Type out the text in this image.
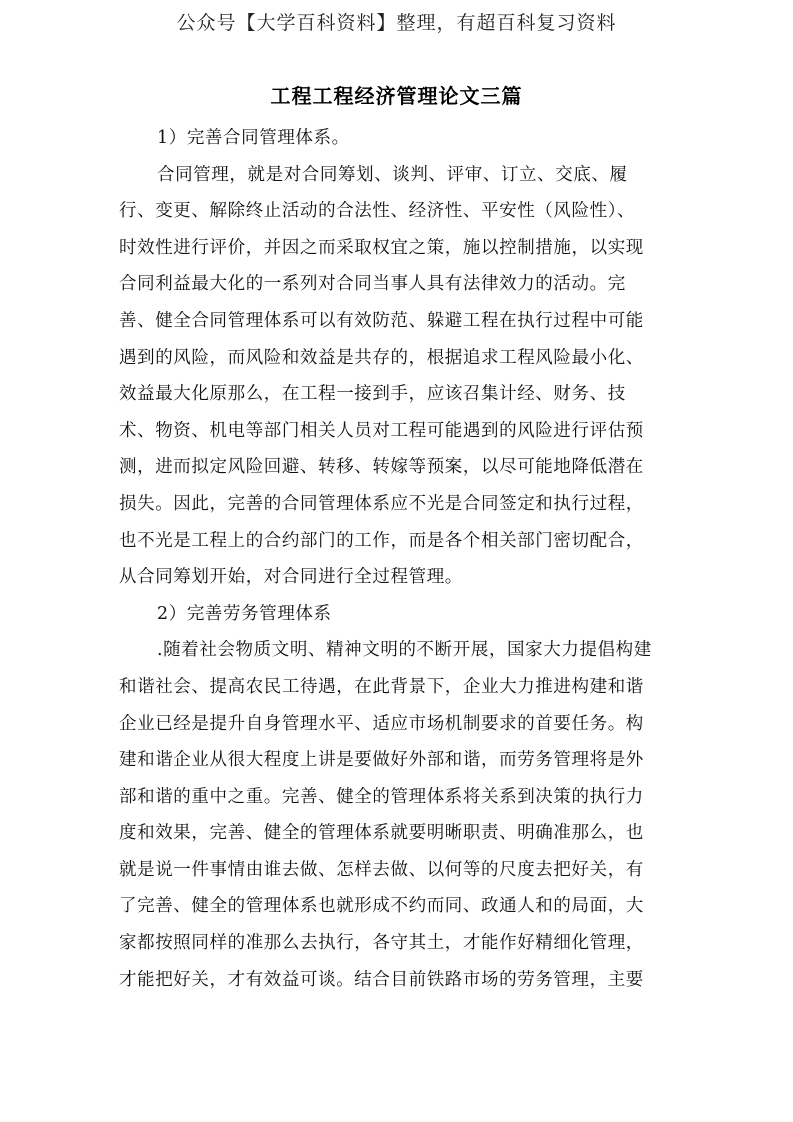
公众号【大学百科资料】整理，有超百科复习资料
工程工程经济管理论文三篇
1）完善合同管理体系。
合同管理，就是对合同筹划、谈判、评审、订立、交底、履
行、变更、解除终止活动的合法性、经济性、平安性（风险性）、
时效性进行评价，并因之而采取权宜之策，施以控制措施，以实现
合同利益最大化的一系列对合同当事人具有法律效力的活动。完
善、健全合同管理体系可以有效防范、躲避工程在执行过程中可能
遇到的风险，而风险和效益是共存的，根据追求工程风险最小化、
效益最大化原那么，在工程一接到手，应该召集计经、财务、技
术、物资、机电等部门相关人员对工程可能遇到的风险进行评估预
测，进而拟定风险回避、转移、转嫁等预案，以尽可能地降低潜在
损失。因此，完善的合同管理体系应不光是合同签定和执行过程，
也不光是工程上的合约部门的工作，而是各个相关部门密切配合，
从合同筹划开始，对合同进行全过程管理。
2）完善劳务管理体系
.随着社会物质文明、精神文明的不断开展，国家大力提倡构建
和谐社会、提高农民工待遇，在此背景下，企业大力推进构建和谐
企业已经是提升自身管理水平、适应市场机制要求的首要任务。构
建和谐企业从很大程度上讲是要做好外部和谐，而劳务管理将是外
部和谐的重中之重。完善、健全的管理体系将关系到决策的执行力
度和效果，完善、健全的管理体系就要明晰职责、明确准那么，也
就是说一件事情由谁去做、怎样去做、以何等的尺度去把好关，有
了完善、健全的管理体系也就形成不约而同、政通人和的局面，大
家都按照同样的准那么去执行，各守其土，才能作好精细化管理，
才能把好关，才有效益可谈。结合目前铁路市场的劳务管理，主要
